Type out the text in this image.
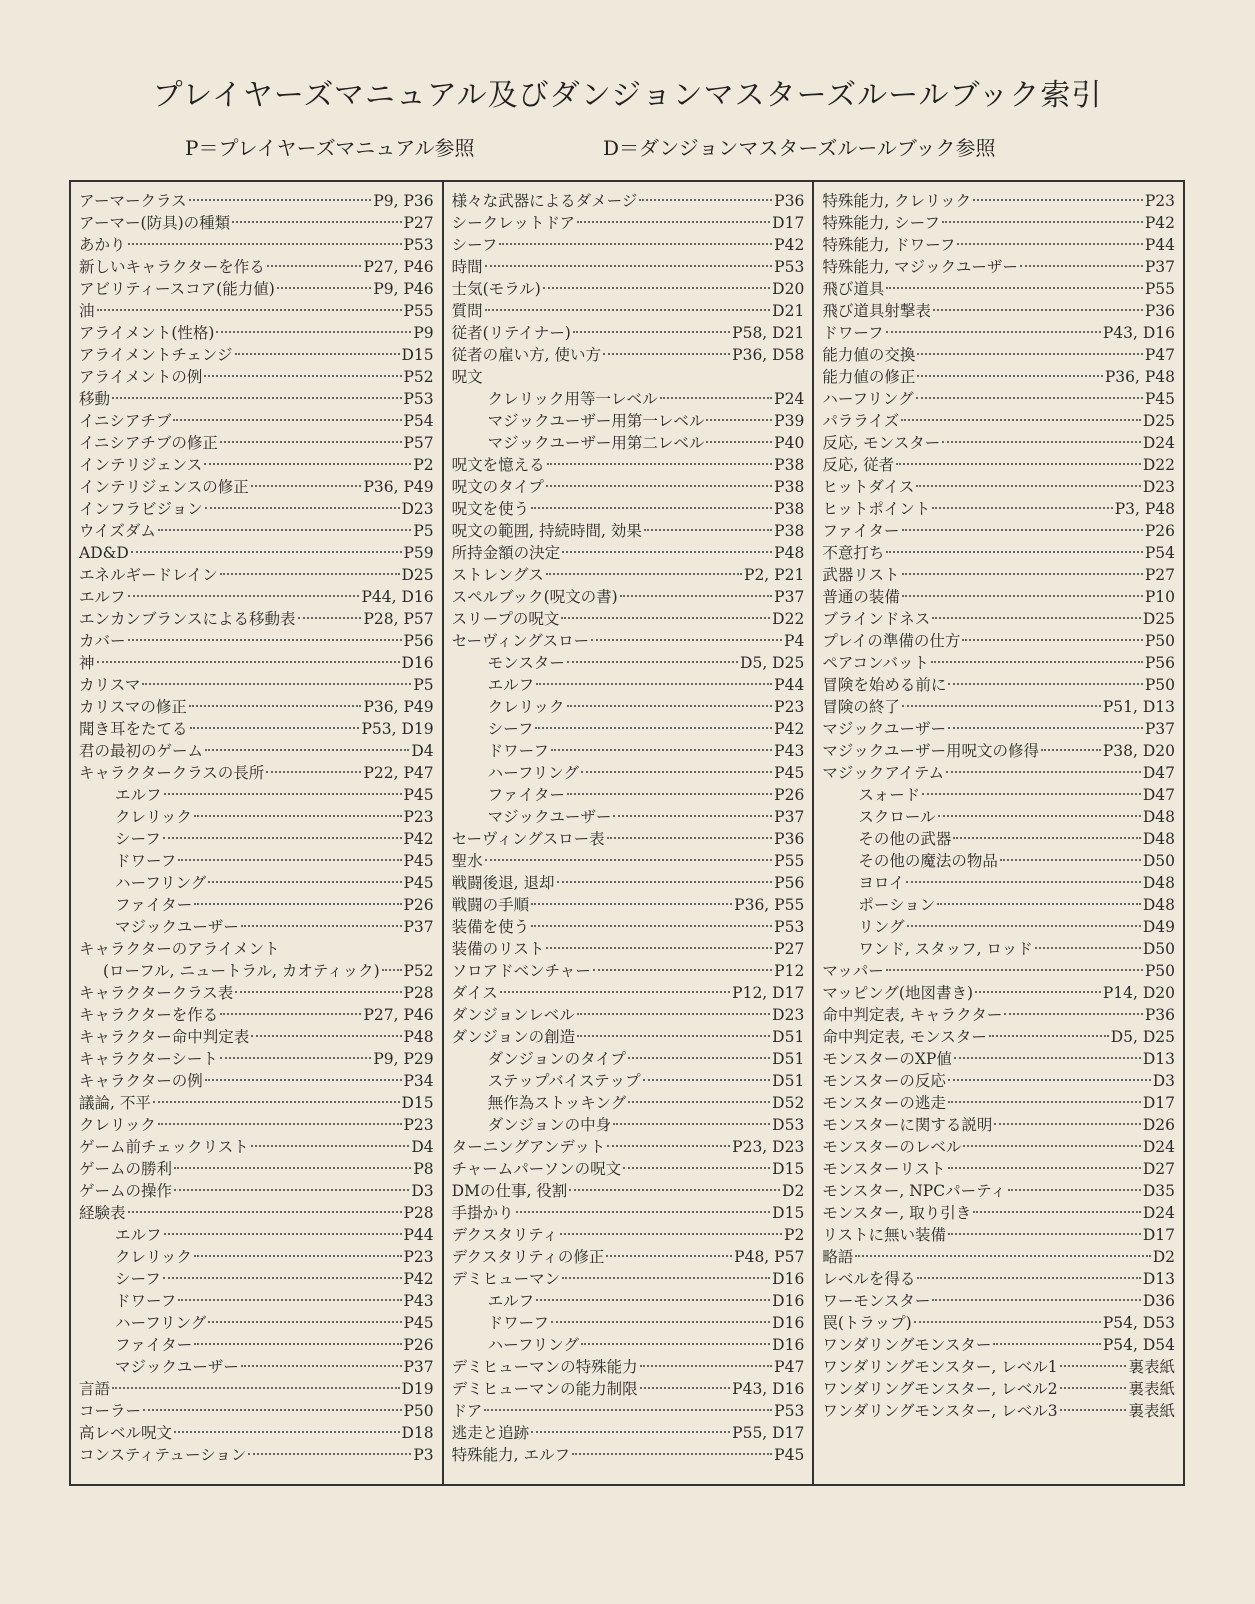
プレイヤーズマニュアル及びダンジョンマスターズルールブック索引
P＝プレイヤーズマニュアル参照	D＝ダンジョンマスターズルールブック参照
アーマークラス	P9, P36
アーマー(防具)の種類	P27
あかり	P53
新しいキャラクターを作る	P27, P46
アビリティースコア(能力値)	P9, P46
油	P55
アライメント(性格)	P9
アライメントチェンジ	D15
アライメントの例	P52
移動	P53
イニシアチブ	P54
イニシアチブの修正	P57
インテリジェンス	P2
インテリジェンスの修正	P36, P49
インフラビジョン	D23
ウイズダム	P5
AD&D	P59
エネルギードレイン	D25
エルフ	P44, D16
エンカンブランスによる移動表	P28, P57
カバー	P56
神	D16
カリスマ	P5
カリスマの修正	P36, P49
聞き耳をたてる	P53, D19
君の最初のゲーム	D4
キャラクタークラスの長所	P22, P47
エルフ	P45
クレリック	P23
シーフ	P42
ドワーフ	P45
ハーフリング	P45
ファイター	P26
マジックユーザー	P37
キャラクターのアライメント
(ローフル, ニュートラル, カオティック) P52
キャラクタークラス表	P28
キャラクターを作る	P27, P46
キャラクター命中判定表	P48
キャラクターシート	P9, P29
キャラクターの例	P34
議論, 不平	D15
クレリック	P23
ゲーム前チェックリスト	D4
ゲームの勝利	P8
ゲームの操作	D3
経験表	P28
エルフ	P44
クレリック	P23
シーフ	P42
ドワーフ	P43
ハーフリング	P45
ファイター	P26
マジックユーザー	P37
言語	D19
コーラー	P50
高レベル呪文	D18
コンスティテューション	P3
様々な武器によるダメージ	P36
シークレットドア	D17
シーフ	P42
時間	P53
士気(モラル)	D20
質問	D21
従者(リテイナー)	P58, D21
従者の雇い方, 使い方	P36, D58
呪文
クレリック用等一レベル	P24
マジックユーザー用第一レベル	P39
マジックユーザー用第二レベル	P40
呪文を憶える	P38
呪文のタイプ	P38
呪文を使う	P38
呪文の範囲, 持続時間, 効果	P38
所持金額の決定	P48
ストレングス	P2, P21
スペルブック(呪文の書)	P37
スリープの呪文	D22
セーヴィングスロー	P4
モンスター	D5, D25
エルフ	P44
クレリック	P23
シーフ	P42
ドワーフ	P43
ハーフリング	P45
ファイター	P26
マジックユーザー	P37
セーヴィングスロー表	P36
聖水	P55
戦闘後退, 退却	P56
戦闘の手順	P36, P55
装備を使う	P53
装備のリスト	P27
ソロアドベンチャー	P12
ダイス	P12, D17
ダンジョンレベル	D23
ダンジョンの創造	D51
ダンジョンのタイプ	D51
ステップバイステップ	D51
無作為ストッキング	D52
ダンジョンの中身	D53
ターニングアンデット	P23, D23
チャームパーソンの呪文	D15
DMの仕事, 役割	D2
手掛かり	D15
デクスタリティ	P2
デクスタリティの修正	P48, P57
デミヒューマン	D16
エルフ	D16
ドワーフ	D16
ハーフリング	D16
デミヒューマンの特殊能力	P47
デミヒューマンの能力制限	P43, D16
ドア	P53
逃走と追跡	P55, D17
特殊能力, エルフ	P45
特殊能力, クレリック	P23
特殊能力, シーフ	P42
特殊能力, ドワーフ	P44
特殊能力, マジックユーザー	P37
飛び道具	P55
飛び道具射撃表	P36
ドワーフ	P43, D16
能力値の交換	P47
能力値の修正	P36, P48
ハーフリング	P45
パラライズ	D25
反応, モンスター	D24
反応, 従者	D22
ヒットダイス	D23
ヒットポイント	P3, P48
ファイター	P26
不意打ち	P54
武器リスト	P27
普通の装備	P10
ブラインドネス	D25
プレイの準備の仕方	P50
ペアコンバット	P56
冒険を始める前に	P50
冒険の終了	P51, D13
マジックユーザー	P37
マジックユーザー用呪文の修得	P38, D20
マジックアイテム	D47
スォード	D47
スクロール	D48
その他の武器	D48
その他の魔法の物品	D50
ヨロイ	D48
ポーション	D48
リング	D49
ワンド, スタッフ, ロッド	D50
マッパー	P50
マッピング(地図書き)	P14, D20
命中判定表, キャラクター	P36
命中判定表, モンスター	D5, D25
モンスターのXP値	D13
モンスターの反応	D3
モンスターの逃走	D17
モンスターに関する説明	D26
モンスターのレベル	D24
モンスターリスト	D27
モンスター, NPCパーティ	D35
モンスター, 取り引き	D24
リストに無い装備	D17
略語	D2
レベルを得る	D13
ワーモンスター	D36
罠(トラップ)	P54, D53
ワンダリングモンスター	P54, D54
ワンダリングモンスター, レベル1	裏表紙
ワンダリングモンスター, レベル2	裏表紙
ワンダリングモンスター, レベル3	裏表紙
